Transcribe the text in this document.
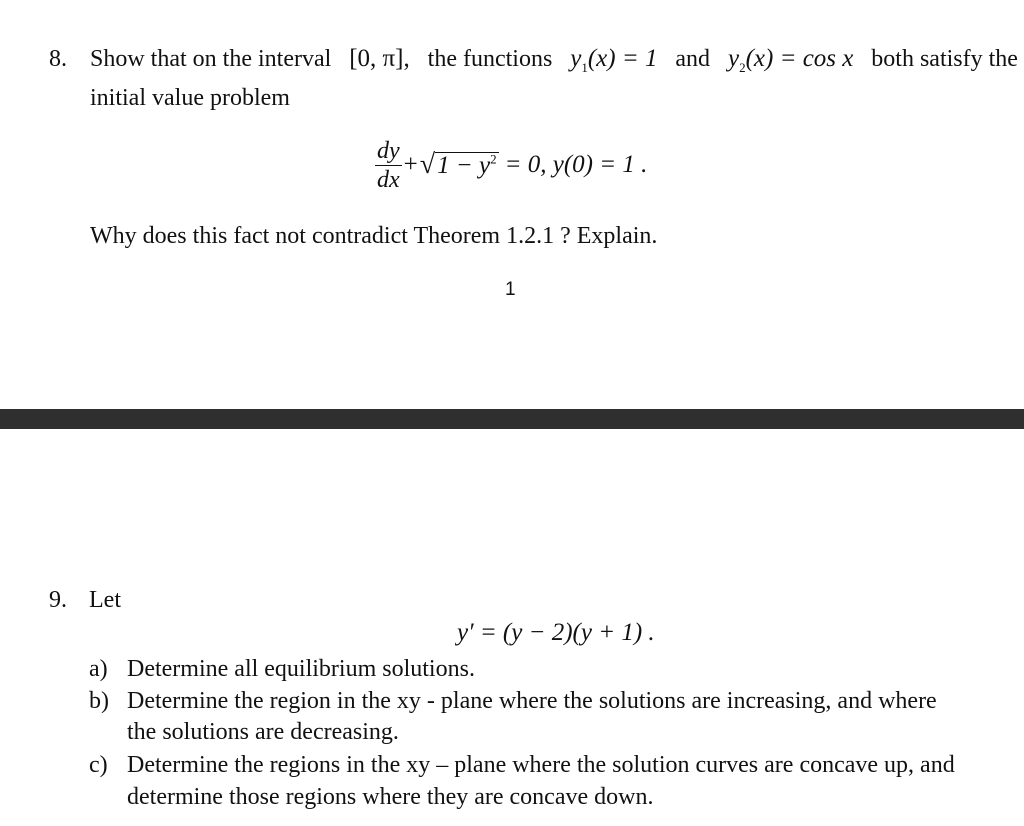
8. Show that on the interval [0, π], the functions $y_1(x) = 1$ and $y_2(x) = \cos x$ both satisfy the
initial value problem
$\frac{dy}{dx}$ + √ $1 - y^2 = 0$, y(0) = 1 .
Why does this fact not contradict Theorem 1.2.1 ? Explain.
1
9. Let
y′ = (y − 2)(y + 1) .
a) Determine all equilibrium solutions.
b) Determine the region in the xy - plane where the solutions are increasing, and where
the solutions are decreasing.
c) Determine the regions in the xy – plane where the solution curves are concave up, and
determine those regions where they are concave down.
